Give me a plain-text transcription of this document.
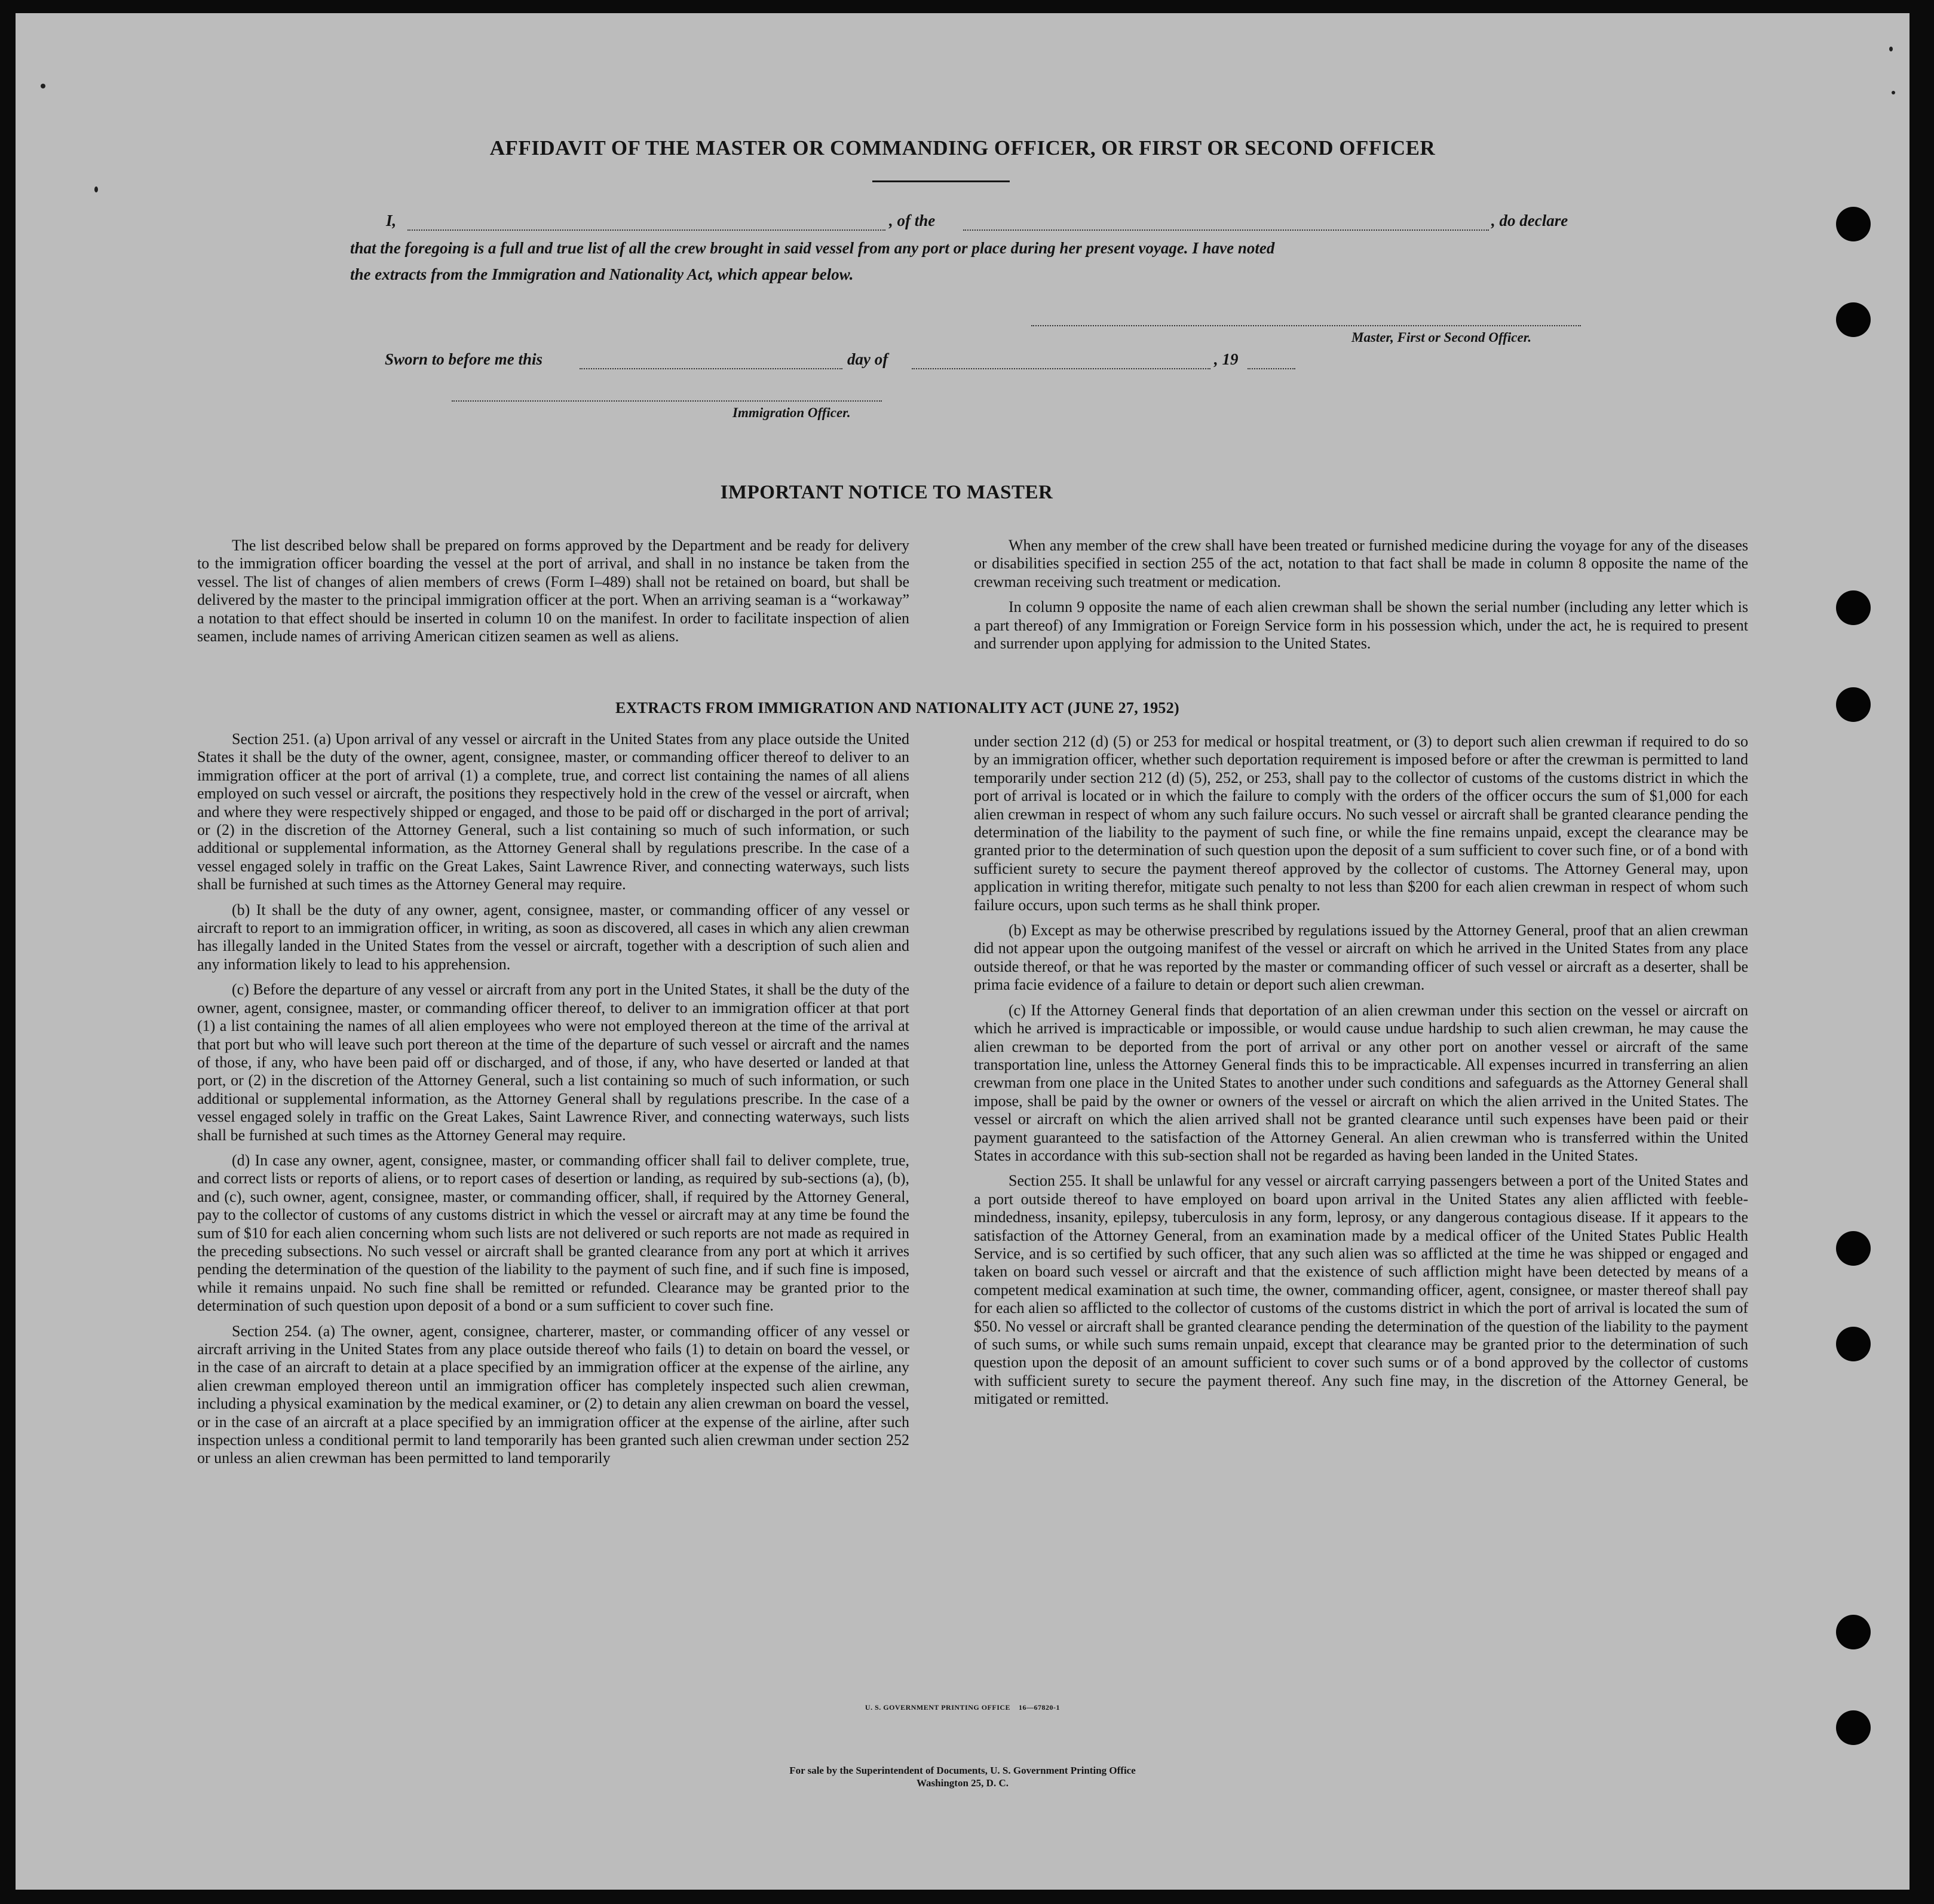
AFFIDAVIT OF THE MASTER OR COMMANDING OFFICER, OR FIRST OR SECOND OFFICER
I,	, of the	, do declare
that the foregoing is a full and true list of all the crew brought in said vessel from any port or place during her present voyage. I have noted
the extracts from the Immigration and Nationality Act, which appear below.
Master, First or Second Officer.
Sworn to before me this	day of	, 19
Immigration Officer.
IMPORTANT NOTICE TO MASTER

The list described below shall be prepared on forms approved by the Department and be ready for delivery to the immigration officer boarding the vessel at the port of arrival, and shall in no instance be taken from the vessel. The list of changes of alien members of crews (Form I–489) shall not be retained on board, but shall be delivered by the master to the principal immigration officer at the port. When an arriving seaman is a “workaway” a notation to that effect should be inserted in column 10 on the manifest. In order to facilitate inspection of alien seamen, include names of arriving American citizen seamen as well as aliens.

When any member of the crew shall have been treated or furnished medicine during the voyage for any of the diseases or disabilities specified in section 255 of the act, notation to that fact shall be made in column 8 opposite the name of the crewman receiving such treatment or medication.

In column 9 opposite the name of each alien crewman shall be shown the serial number (including any letter which is a part thereof) of any Immigration or Foreign Service form in his possession which, under the act, he is required to present and surrender upon applying for admission to the United States.

EXTRACTS FROM IMMIGRATION AND NATIONALITY ACT (JUNE 27, 1952)

Section 251. (a) Upon arrival of any vessel or aircraft in the United States from any place outside the United States it shall be the duty of the owner, agent, consignee, master, or commanding officer thereof to deliver to an immigration officer at the port of arrival (1) a complete, true, and correct list containing the names of all aliens employed on such vessel or aircraft, the positions they respectively hold in the crew of the vessel or aircraft, when and where they were respectively shipped or engaged, and those to be paid off or discharged in the port of arrival; or (2) in the discretion of the Attorney General, such a list containing so much of such information, or such additional or supplemental information, as the Attorney General shall by regulations prescribe. In the case of a vessel engaged solely in traffic on the Great Lakes, Saint Lawrence River, and connecting waterways, such lists shall be furnished at such times as the Attorney General may require.

(b) It shall be the duty of any owner, agent, consignee, master, or commanding officer of any vessel or aircraft to report to an immigration officer, in writing, as soon as discovered, all cases in which any alien crewman has illegally landed in the United States from the vessel or aircraft, together with a description of such alien and any information likely to lead to his apprehension.

(c) Before the departure of any vessel or aircraft from any port in the United States, it shall be the duty of the owner, agent, consignee, master, or commanding officer thereof, to deliver to an immigration officer at that port (1) a list containing the names of all alien employees who were not employed thereon at the time of the arrival at that port but who will leave such port thereon at the time of the departure of such vessel or aircraft and the names of those, if any, who have been paid off or discharged, and of those, if any, who have deserted or landed at that port, or (2) in the discretion of the Attorney General, such a list containing so much of such information, or such additional or supplemental information, as the Attorney General shall by regulations prescribe. In the case of a vessel engaged solely in traffic on the Great Lakes, Saint Lawrence River, and connecting waterways, such lists shall be furnished at such times as the Attorney General may require.

(d) In case any owner, agent, consignee, master, or commanding officer shall fail to deliver complete, true, and correct lists or reports of aliens, or to report cases of desertion or landing, as required by sub-sections (a), (b), and (c), such owner, agent, consignee, master, or commanding officer, shall, if required by the Attorney General, pay to the collector of customs of any customs district in which the vessel or aircraft may at any time be found the sum of $10 for each alien concerning whom such lists are not delivered or such reports are not made as required in the preceding subsections. No such vessel or aircraft shall be granted clearance from any port at which it arrives pending the determination of the question of the liability to the payment of such fine, and if such fine is imposed, while it remains unpaid. No such fine shall be remitted or refunded. Clearance may be granted prior to the determination of such question upon deposit of a bond or a sum sufficient to cover such fine.

Section 254. (a) The owner, agent, consignee, charterer, master, or commanding officer of any vessel or aircraft arriving in the United States from any place outside thereof who fails (1) to detain on board the vessel, or in the case of an aircraft to detain at a place specified by an immigration officer at the expense of the airline, any alien crewman employed thereon until an immigration officer has completely inspected such alien crewman, including a physical examination by the medical examiner, or (2) to detain any alien crewman on board the vessel, or in the case of an aircraft at a place specified by an immigration officer at the expense of the airline, after such inspection unless a conditional permit to land temporarily has been granted such alien crewman under section 252 or unless an alien crewman has been permitted to land temporarily

under section 212 (d) (5) or 253 for medical or hospital treatment, or (3) to deport such alien crewman if required to do so by an immigration officer, whether such deportation requirement is imposed before or after the crewman is permitted to land temporarily under section 212 (d) (5), 252, or 253, shall pay to the collector of customs of the customs district in which the port of arrival is located or in which the failure to comply with the orders of the officer occurs the sum of $1,000 for each alien crewman in respect of whom any such failure occurs. No such vessel or aircraft shall be granted clearance pending the determination of the liability to the payment of such fine, or while the fine remains unpaid, except the clearance may be granted prior to the determination of such question upon the deposit of a sum sufficient to cover such fine, or of a bond with sufficient surety to secure the payment thereof approved by the collector of customs. The Attorney General may, upon application in writing therefor, mitigate such penalty to not less than $200 for each alien crewman in respect of whom such failure occurs, upon such terms as he shall think proper.

(b) Except as may be otherwise prescribed by regulations issued by the Attorney General, proof that an alien crewman did not appear upon the outgoing manifest of the vessel or aircraft on which he arrived in the United States from any place outside thereof, or that he was reported by the master or commanding officer of such vessel or aircraft as a deserter, shall be prima facie evidence of a failure to detain or deport such alien crewman.

(c) If the Attorney General finds that deportation of an alien crewman under this section on the vessel or aircraft on which he arrived is impracticable or impossible, or would cause undue hardship to such alien crewman, he may cause the alien crewman to be deported from the port of arrival or any other port on another vessel or aircraft of the same transportation line, unless the Attorney General finds this to be impracticable. All expenses incurred in transferring an alien crewman from one place in the United States to another under such conditions and safeguards as the Attorney General shall impose, shall be paid by the owner or owners of the vessel or aircraft on which the alien arrived in the United States. The vessel or aircraft on which the alien arrived shall not be granted clearance until such expenses have been paid or their payment guaranteed to the satisfaction of the Attorney General. An alien crewman who is transferred within the United States in accordance with this sub-section shall not be regarded as having been landed in the United States.

Section 255. It shall be unlawful for any vessel or aircraft carrying passengers between a port of the United States and a port outside thereof to have employed on board upon arrival in the United States any alien afflicted with feeble-mindedness, insanity, epilepsy, tuberculosis in any form, leprosy, or any dangerous contagious disease. If it appears to the satisfaction of the Attorney General, from an examination made by a medical officer of the United States Public Health Service, and is so certified by such officer, that any such alien was so afflicted at the time he was shipped or engaged and taken on board such vessel or aircraft and that the existence of such affliction might have been detected by means of a competent medical examination at such time, the owner, commanding officer, agent, consignee, or master thereof shall pay for each alien so afflicted to the collector of customs of the customs district in which the port of arrival is located the sum of $50. No vessel or aircraft shall be granted clearance pending the determination of the question of the liability to the payment of such sums, or while such sums remain unpaid, except that clearance may be granted prior to the determination of such question upon the deposit of an amount sufficient to cover such sums or of a bond approved by the collector of customs with sufficient surety to secure the payment thereof. Any such fine may, in the discretion of the Attorney General, be mitigated or remitted.

U. S. GOVERNMENT PRINTING OFFICE    16—67820-1
For sale by the Superintendent of Documents, U. S. Government Printing Office
Washington 25, D. C.
